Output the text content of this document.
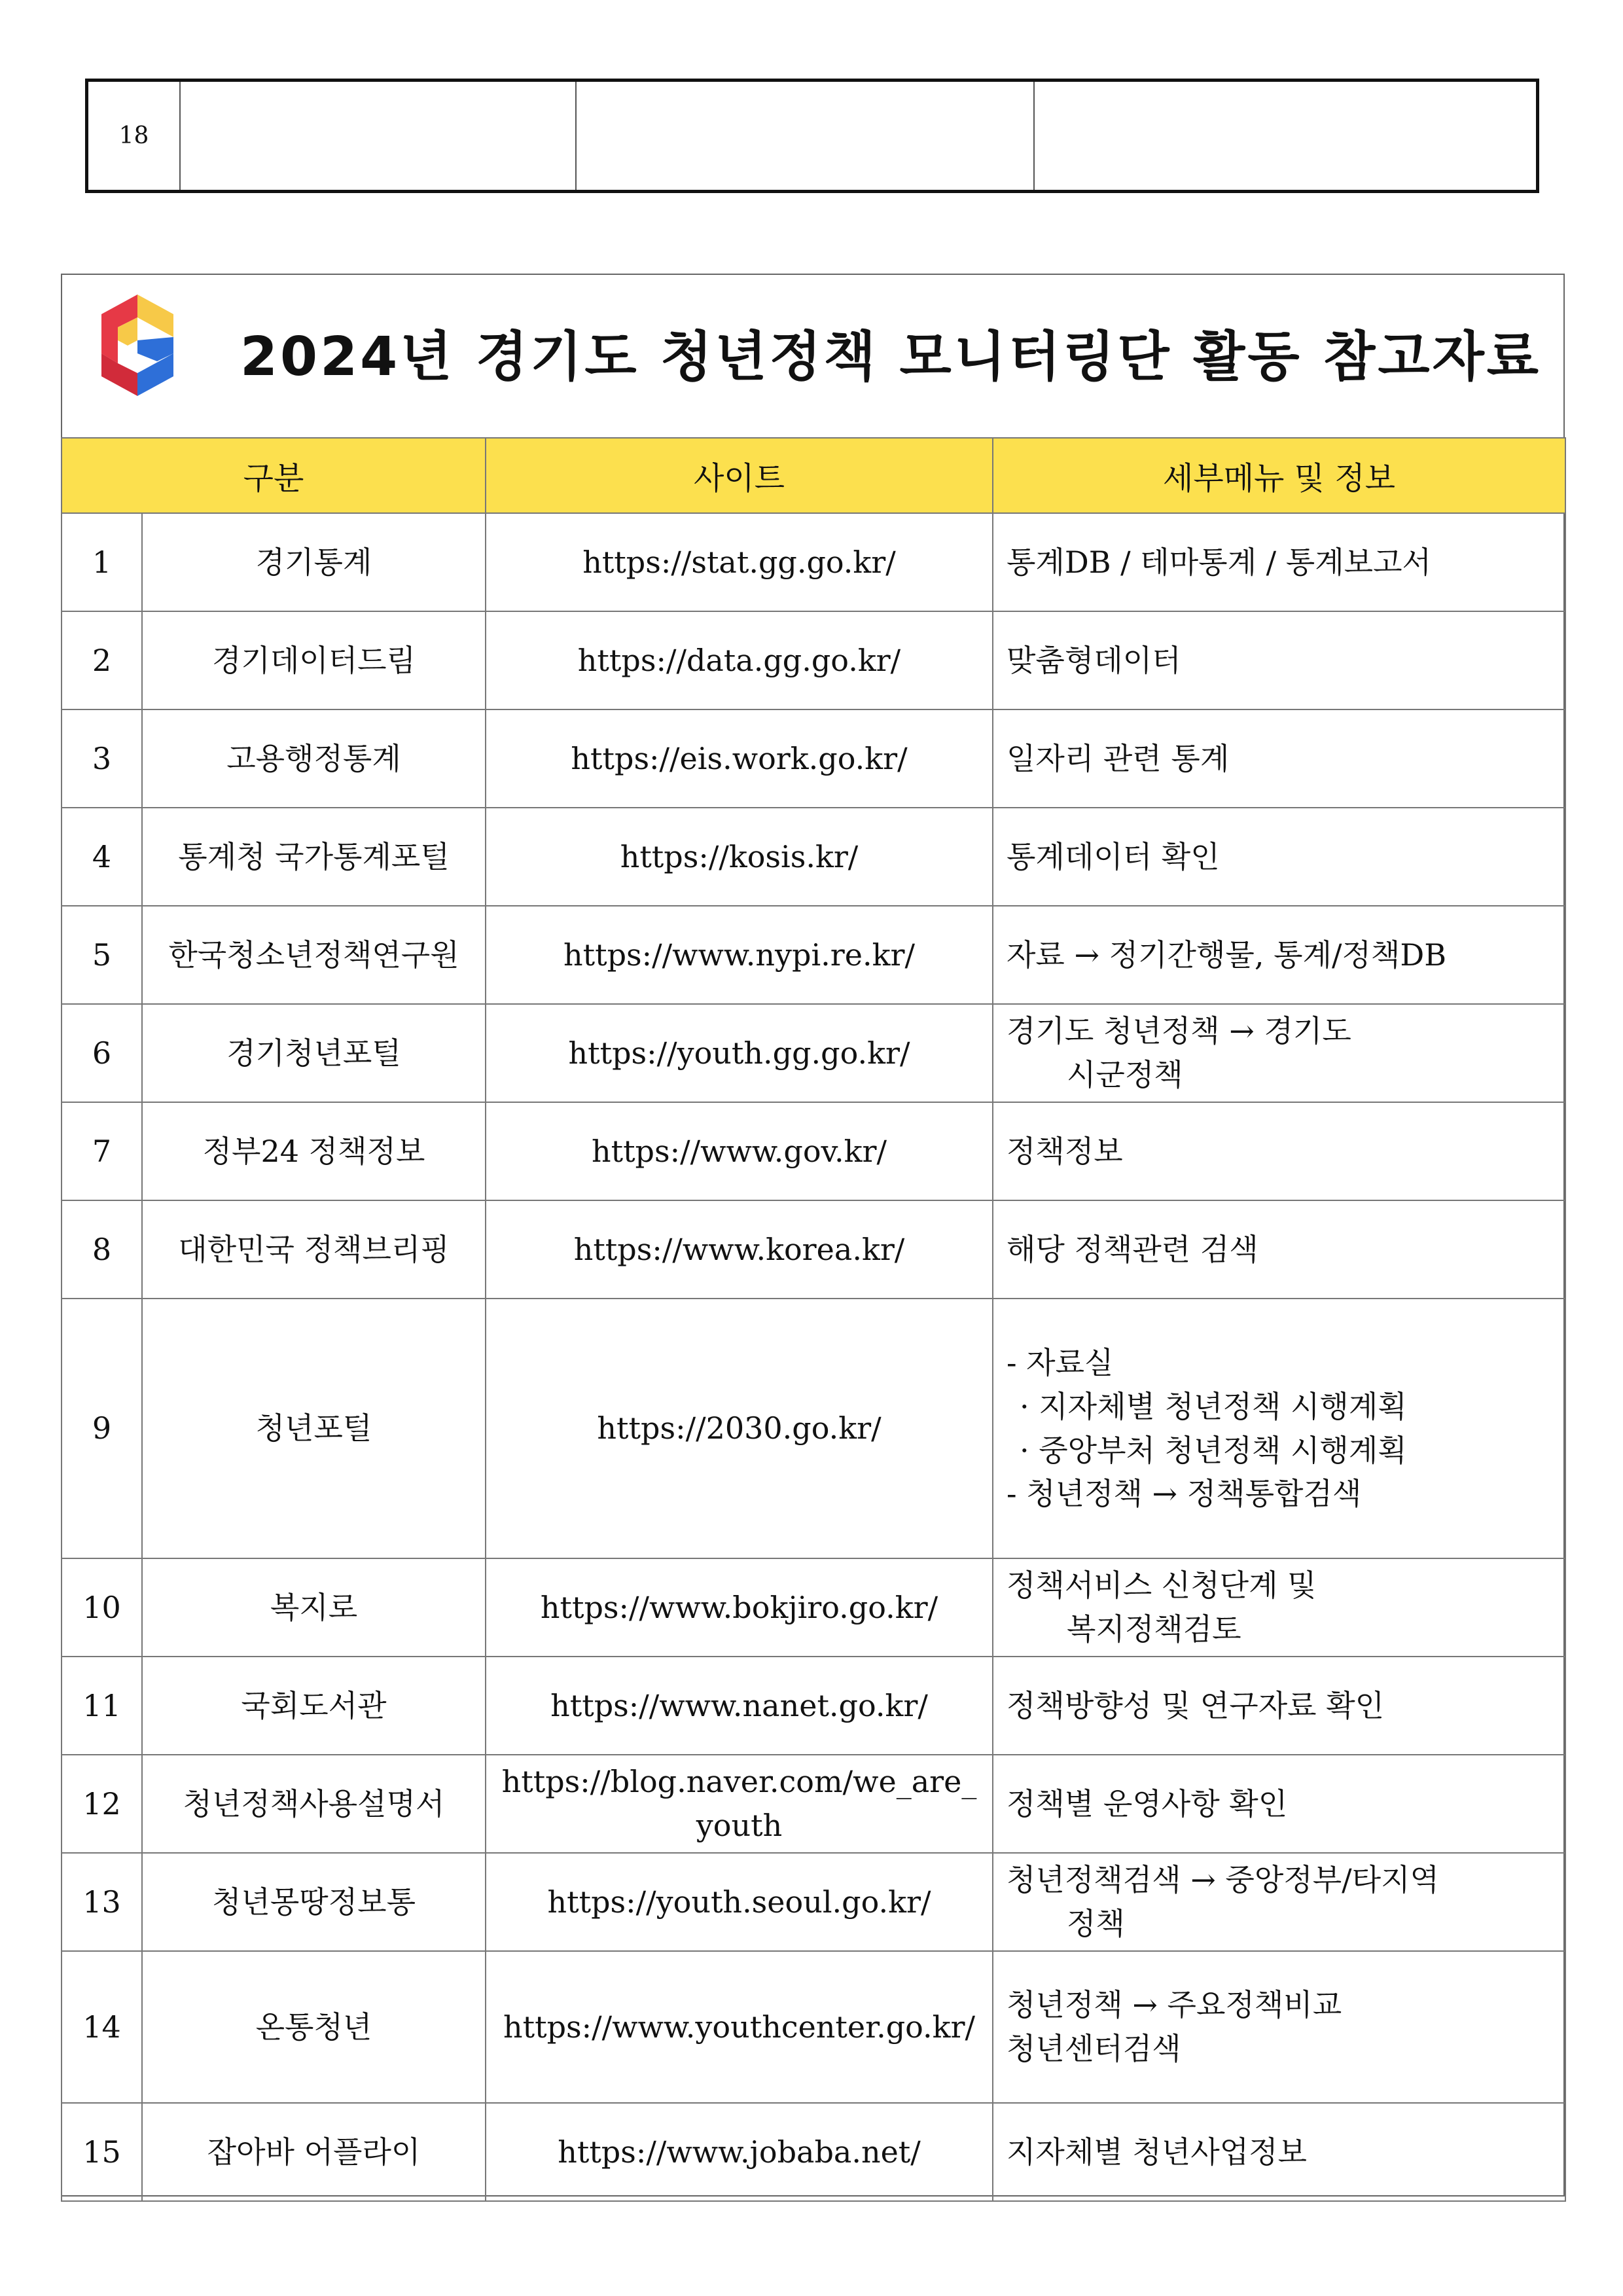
18
2024년 경기도 청년정책 모니터링단 활동 참고자료
구분		사이트	세부메뉴 및 정보
1	경기통계	https://stat.gg.go.kr/	통계DB / 테마통계 / 통계보고서

2	경기데이터드림	https://data.gg.go.kr/	맞춤형데이터

3	고용행정통계	https://eis.work.go.kr/	일자리 관련 통계

4	통계청 국가통계포털	https://kosis.kr/	통계데이터 확인

5	한국청소년정책연구원	https://www.nypi.re.kr/	자료 → 정기간행물, 통계/정책DB

6	경기청년포털	https://youth.gg.go.kr/	경기도 청년정책 → 경기도
시군정책

7	정부24 정책정보	https://www.gov.kr/	정책정보

8	대한민국 정책브리핑	https://www.korea.kr/	해당 정책관련 검색

9	청년포털	https://2030.go.kr/	- 자료실
· 지자체별 청년정책 시행계획
· 중앙부처 청년정책 시행계획
- 청년정책 → 정책통합검색

10	복지로	https://www.bokjiro.go.kr/	정책서비스 신청단계 및
복지정책검토

11	국회도서관	https://www.nanet.go.kr/	정책방향성 및 연구자료 확인

12	청년정책사용설명서	https://blog.naver.com/we_are_youth	정책별 운영사항 확인

13	청년몽땅정보통	https://youth.seoul.go.kr/	청년정책검색 → 중앙정부/타지역
정책

14	온통청년	https://www.youthcenter.go.kr/	청년정책 → 주요정책비교
청년센터검색

15	잡아바 어플라이	https://www.jobaba.net/	지자체별 청년사업정보
